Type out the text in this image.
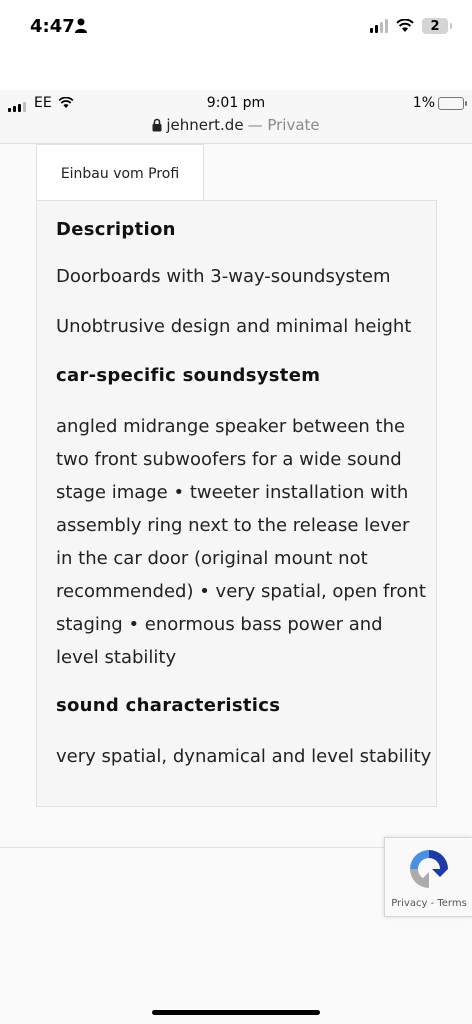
4:47	2
EE	9:01 pm	1%
jehnert.de — Private
Einbau vom Profi
Description
Doorboards with 3-way-soundsystem
Unobtrusive design and minimal height
car-specific soundsystem
angled midrange speaker between the two front subwoofers for a wide sound stage image • tweeter installation with assembly ring next to the release lever in the car door (original mount not recommended) • very spatial, open front staging • enormous bass power and level stability
sound characteristics
very spatial, dynamical and level stability
Privacy - Terms
